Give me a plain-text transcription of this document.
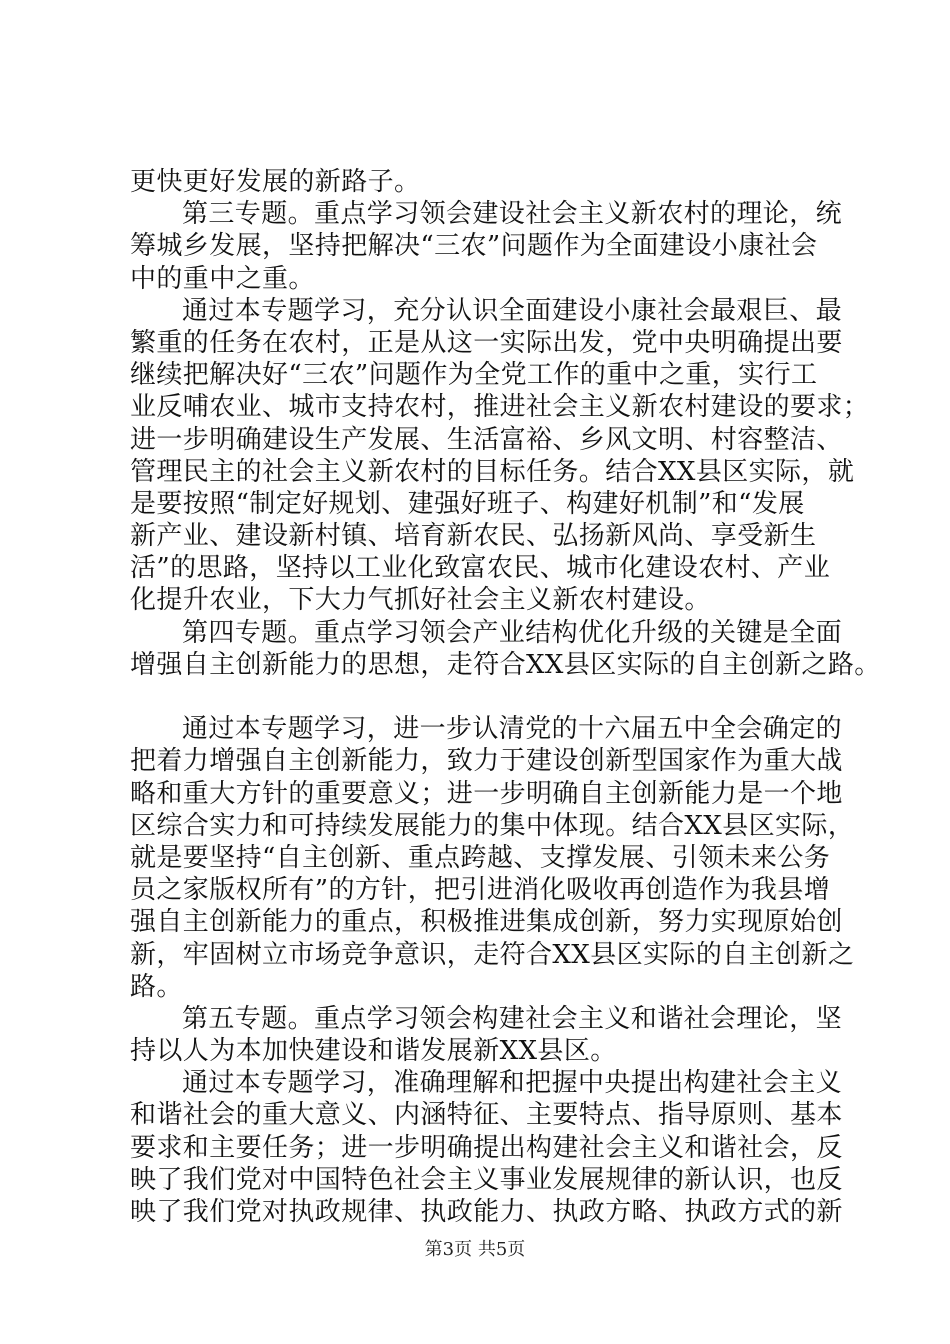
更快更好发展的新路子。
第三专题。重点学习领会建设社会主义新农村的理论，统
筹城乡发展，坚持把解决“三农”问题作为全面建设小康社会
中的重中之重。
通过本专题学习，充分认识全面建设小康社会最艰巨、最
繁重的任务在农村，正是从这一实际出发，党中央明确提出要
继续把解决好“三农”问题作为全党工作的重中之重，实行工
业反哺农业、城市支持农村，推进社会主义新农村建设的要求；
进一步明确建设生产发展、生活富裕、乡风文明、村容整洁、
管理民主的社会主义新农村的目标任务。结合XX县区实际，就
是要按照“制定好规划、建强好班子、构建好机制”和“发展
新产业、建设新村镇、培育新农民、弘扬新风尚、享受新生
活”的思路，坚持以工业化致富农民、城市化建设农村、产业
化提升农业，下大力气抓好社会主义新农村建设。
第四专题。重点学习领会产业结构优化升级的关键是全面
增强自主创新能力的思想，走符合XX县区实际的自主创新之路。
通过本专题学习，进一步认清党的十六届五中全会确定的
把着力增强自主创新能力，致力于建设创新型国家作为重大战
略和重大方针的重要意义；进一步明确自主创新能力是一个地
区综合实力和可持续发展能力的集中体现。结合XX县区实际，
就是要坚持“自主创新、重点跨越、支撑发展、引领未来公务
员之家版权所有”的方针，把引进消化吸收再创造作为我县增
强自主创新能力的重点，积极推进集成创新，努力实现原始创
新，牢固树立市场竞争意识，走符合XX县区实际的自主创新之
路。
第五专题。重点学习领会构建社会主义和谐社会理论，坚
持以人为本加快建设和谐发展新XX县区。
通过本专题学习，准确理解和把握中央提出构建社会主义
和谐社会的重大意义、内涵特征、主要特点、指导原则、基本
要求和主要任务；进一步明确提出构建社会主义和谐社会，反
映了我们党对中国特色社会主义事业发展规律的新认识，也反
映了我们党对执政规律、执政能力、执政方略、执政方式的新
第3页 共5页
